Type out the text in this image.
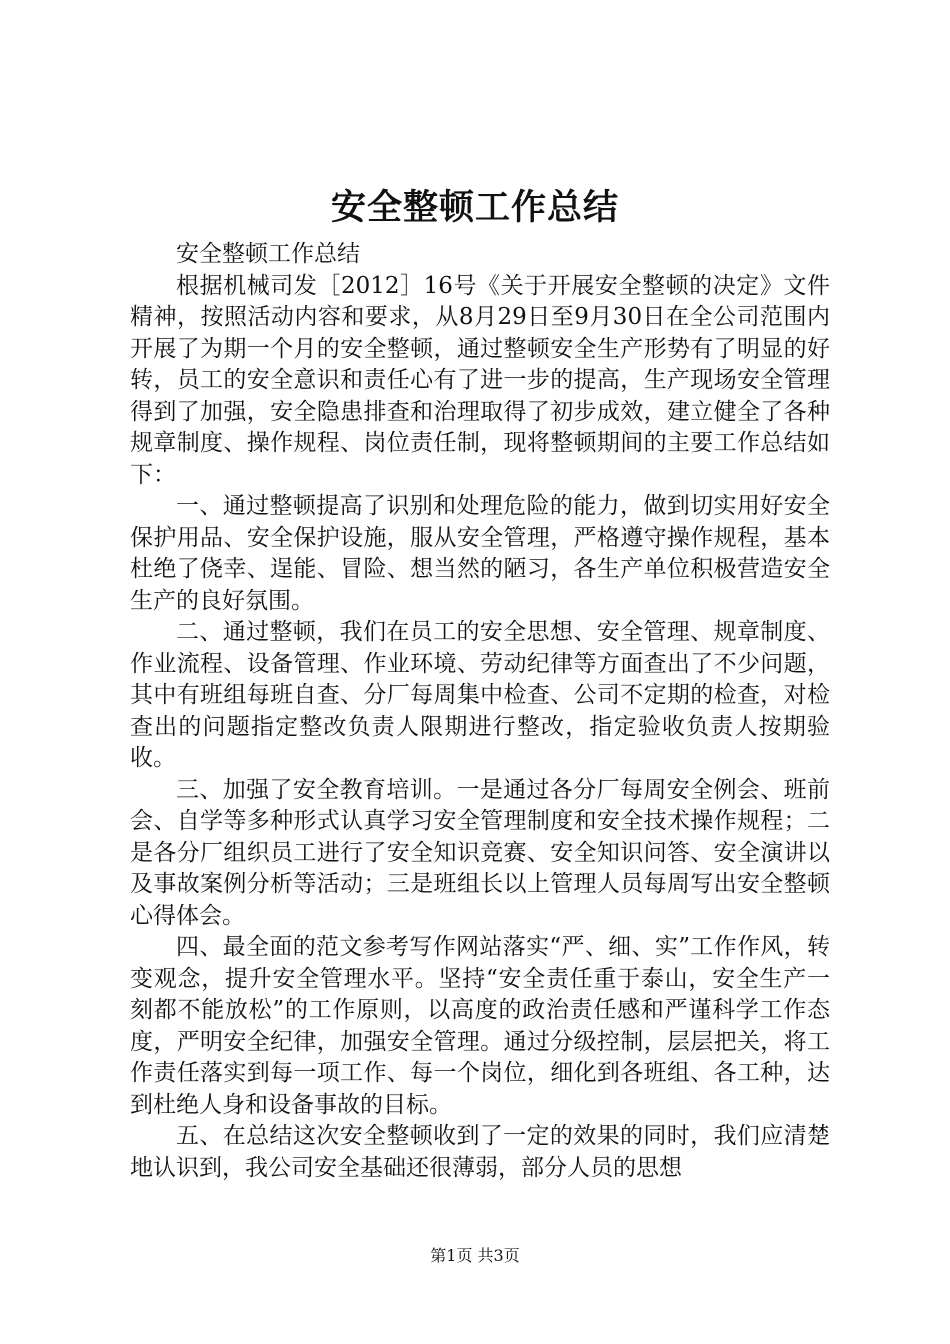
安全整顿工作总结

安全整顿工作总结

根据机械司发［2012］16号《关于开展安全整顿的决定》文件精神，按照活动内容和要求，从8月29日至9月30日在全公司范围内开展了为期一个月的安全整顿，通过整顿安全生产形势有了明显的好转，员工的安全意识和责任心有了进一步的提高，生产现场安全管理得到了加强，安全隐患排查和治理取得了初步成效，建立健全了各种规章制度、操作规程、岗位责任制，现将整顿期间的主要工作总结如下：

一、通过整顿提高了识别和处理危险的能力，做到切实用好安全保护用品、安全保护设施，服从安全管理，严格遵守操作规程，基本杜绝了侥幸、逞能、冒险、想当然的陋习，各生产单位积极营造安全生产的良好氛围。

二、通过整顿，我们在员工的安全思想、安全管理、规章制度、作业流程、设备管理、作业环境、劳动纪律等方面查出了不少问题，其中有班组每班自查、分厂每周集中检查、公司不定期的检查，对检查出的问题指定整改负责人限期进行整改，指定验收负责人按期验收。

三、加强了安全教育培训。一是通过各分厂每周安全例会、班前会、自学等多种形式认真学习安全管理制度和安全技术操作规程；二是各分厂组织员工进行了安全知识竞赛、安全知识问答、安全演讲以及事故案例分析等活动；三是班组长以上管理人员每周写出安全整顿心得体会。

四、最全面的范文参考写作网站落实“严、细、实”工作作风，转变观念，提升安全管理水平。坚持“安全责任重于泰山，安全生产一刻都不能放松”的工作原则，以高度的政治责任感和严谨科学工作态度，严明安全纪律，加强安全管理。通过分级控制，层层把关，将工作责任落实到每一项工作、每一个岗位，细化到各班组、各工种，达到杜绝人身和设备事故的目标。

五、在总结这次安全整顿收到了一定的效果的同时，我们应清楚地认识到，我公司安全基础还很薄弱，部分人员的思想

第1页 共3页
